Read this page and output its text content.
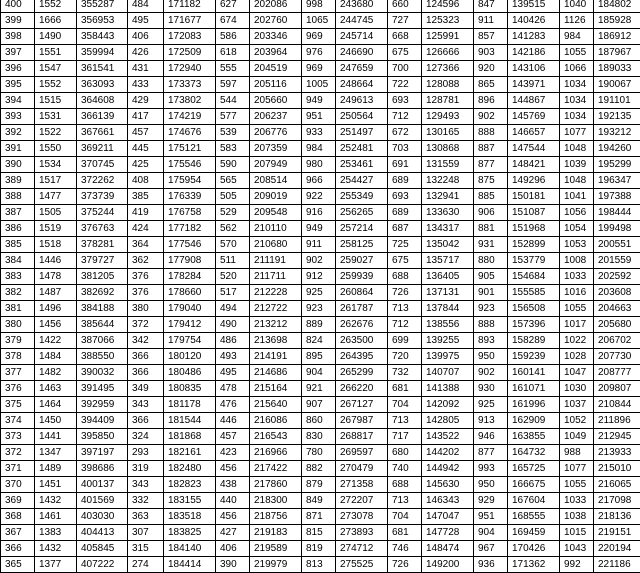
400	1552	355287	484	171182	627	202086	998	243680	660	124596	847	139515	1040	184802
399	1666	356953	495	171677	674	202760	1065	244745	727	125323	911	140426	1126	185928
398	1490	358443	406	172083	586	203346	969	245714	668	125991	857	141283	984	186912
397	1551	359994	426	172509	618	203964	976	246690	675	126666	903	142186	1055	187967
396	1547	361541	431	172940	555	204519	969	247659	700	127366	920	143106	1066	189033
395	1552	363093	433	173373	597	205116	1005	248664	722	128088	865	143971	1034	190067
394	1515	364608	429	173802	544	205660	949	249613	693	128781	896	144867	1034	191101
393	1531	366139	417	174219	577	206237	951	250564	712	129493	902	145769	1034	192135
392	1522	367661	457	174676	539	206776	933	251497	672	130165	888	146657	1077	193212
391	1550	369211	445	175121	583	207359	984	252481	703	130868	887	147544	1048	194260
390	1534	370745	425	175546	590	207949	980	253461	691	131559	877	148421	1039	195299
389	1517	372262	408	175954	565	208514	966	254427	689	132248	875	149296	1048	196347
388	1477	373739	385	176339	505	209019	922	255349	693	132941	885	150181	1041	197388
387	1505	375244	419	176758	529	209548	916	256265	689	133630	906	151087	1056	198444
386	1519	376763	424	177182	562	210110	949	257214	687	134317	881	151968	1054	199498
385	1518	378281	364	177546	570	210680	911	258125	725	135042	931	152899	1053	200551
384	1446	379727	362	177908	511	211191	902	259027	675	135717	880	153779	1008	201559
383	1478	381205	376	178284	520	211711	912	259939	688	136405	905	154684	1033	202592
382	1487	382692	376	178660	517	212228	925	260864	726	137131	901	155585	1016	203608
381	1496	384188	380	179040	494	212722	923	261787	713	137844	923	156508	1055	204663
380	1456	385644	372	179412	490	213212	889	262676	712	138556	888	157396	1017	205680
379	1422	387066	342	179754	486	213698	824	263500	699	139255	893	158289	1022	206702
378	1484	388550	366	180120	493	214191	895	264395	720	139975	950	159239	1028	207730
377	1482	390032	366	180486	495	214686	904	265299	732	140707	902	160141	1047	208777
376	1463	391495	349	180835	478	215164	921	266220	681	141388	930	161071	1030	209807
375	1464	392959	343	181178	476	215640	907	267127	704	142092	925	161996	1037	210844
374	1450	394409	366	181544	446	216086	860	267987	713	142805	913	162909	1052	211896
373	1441	395850	324	181868	457	216543	830	268817	717	143522	946	163855	1049	212945
372	1347	397197	293	182161	423	216966	780	269597	680	144202	877	164732	988	213933
371	1489	398686	319	182480	456	217422	882	270479	740	144942	993	165725	1077	215010
370	1451	400137	343	182823	438	217860	879	271358	688	145630	950	166675	1055	216065
369	1432	401569	332	183155	440	218300	849	272207	713	146343	929	167604	1033	217098
368	1461	403030	363	183518	456	218756	871	273078	704	147047	951	168555	1038	218136
367	1383	404413	307	183825	427	219183	815	273893	681	147728	904	169459	1015	219151
366	1432	405845	315	184140	406	219589	819	274712	746	148474	967	170426	1043	220194
365	1377	407222	274	184414	390	219979	813	275525	726	149200	936	171362	992	221186
